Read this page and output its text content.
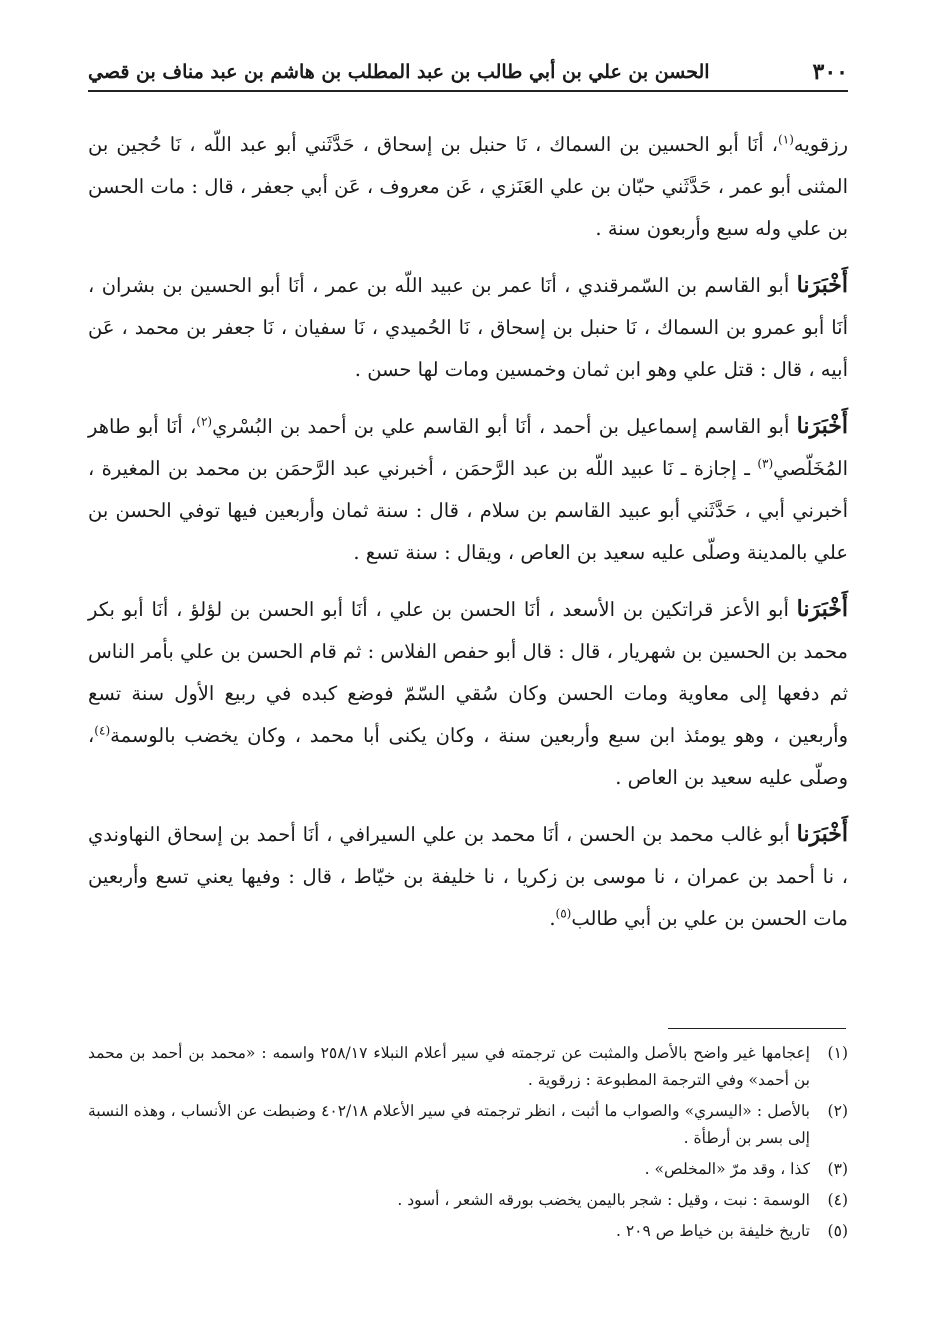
٣٠٠
الحسن بن علي بن أبي طالب بن عبد المطلب بن هاشم بن عبد مناف بن قصي

رزقويه$^{(١)}$، أنَا أبو الحسين بن السماك ، نَا حنبل بن إسحاق ، حَدَّثَني أبو عبد اللّه ، نَا حُجين بن المثنى أبو عمر ، حَدَّثَني حبّان بن علي العَنَزي ، عَن معروف ، عَن أبي جعفر ، قال : مات الحسن بن علي وله سبع وأربعون سنة .

أَخْبَرَنا أبو القاسم بن السّمرقندي ، أنَا عمر بن عبيد اللّه بن عمر ، أنَا أبو الحسين بن بشران ، أنَا أبو عمرو بن السماك ، نَا حنبل بن إسحاق ، نَا الحُميدي ، نَا سفيان ، نَا جعفر بن محمد ، عَن أبيه ، قال : قتل علي وهو ابن ثمان وخمسين ومات لها حسن .

أَخْبَرَنا أبو القاسم إسماعيل بن أحمد ، أنَا أبو القاسم علي بن أحمد بن البُسْري$^{(٢)}$، أنَا أبو طاهر المُخَلّصي$^{(٣)}$ ـ إجازة ـ نَا عبيد اللّه بن عبد الرَّحمَن ، أخبرني عبد الرَّحمَن بن محمد بن المغيرة ، أخبرني أبي ، حَدَّثَني أبو عبيد القاسم بن سلام ، قال : سنة ثمان وأربعين فيها توفي الحسن بن علي بالمدينة وصلّى عليه سعيد بن العاص ، ويقال : سنة تسع .

أَخْبَرَنا أبو الأعز قراتكين بن الأسعد ، أنَا الحسن بن علي ، أنَا أبو الحسن بن لؤلؤ ، أنَا أبو بكر محمد بن الحسين بن شهريار ، قال : قال أبو حفص الفلاس : ثم قام الحسن بن علي بأمر الناس ثم دفعها إلى معاوية ومات الحسن وكان سُقي السّمّ فوضع كبده في ربيع الأول سنة تسع وأربعين ، وهو يومئذ ابن سبع وأربعين سنة ، وكان يكنى أبا محمد ، وكان يخضب بالوسمة$^{(٤)}$، وصلّى عليه سعيد بن العاص .

أَخْبَرَنا أبو غالب محمد بن الحسن ، أنَا محمد بن علي السيرافي ، أنَا أحمد بن إسحاق النهاوندي ، نا أحمد بن عمران ، نا موسى بن زكريا ، نا خليفة بن خيّاط ، قال : وفيها يعني تسع وأربعين مات الحسن بن علي بن أبي طالب$^{(٥)}$.

(١)
إعجامها غير واضح بالأصل والمثبت عن ترجمته في سير أعلام النبلاء ٢٥٨/١٧ واسمه : «محمد بن أحمد بن محمد بن أحمد» وفي الترجمة المطبوعة : زرقوية .
(٢)
بالأصل : «اليسري» والصواب ما أثبت ، انظر ترجمته في سير الأعلام ٤٠٢/١٨ وضبطت عن الأنساب ، وهذه النسبة إلى بسر بن أرطأة .
(٣)
كذا ، وقد مرّ «المخلص» .
(٤)
الوسمة : نبت ، وقيل : شجر باليمن يخضب بورقه الشعر ، أسود .
(٥)
تاريخ خليفة بن خياط ص ٢٠٩ .
